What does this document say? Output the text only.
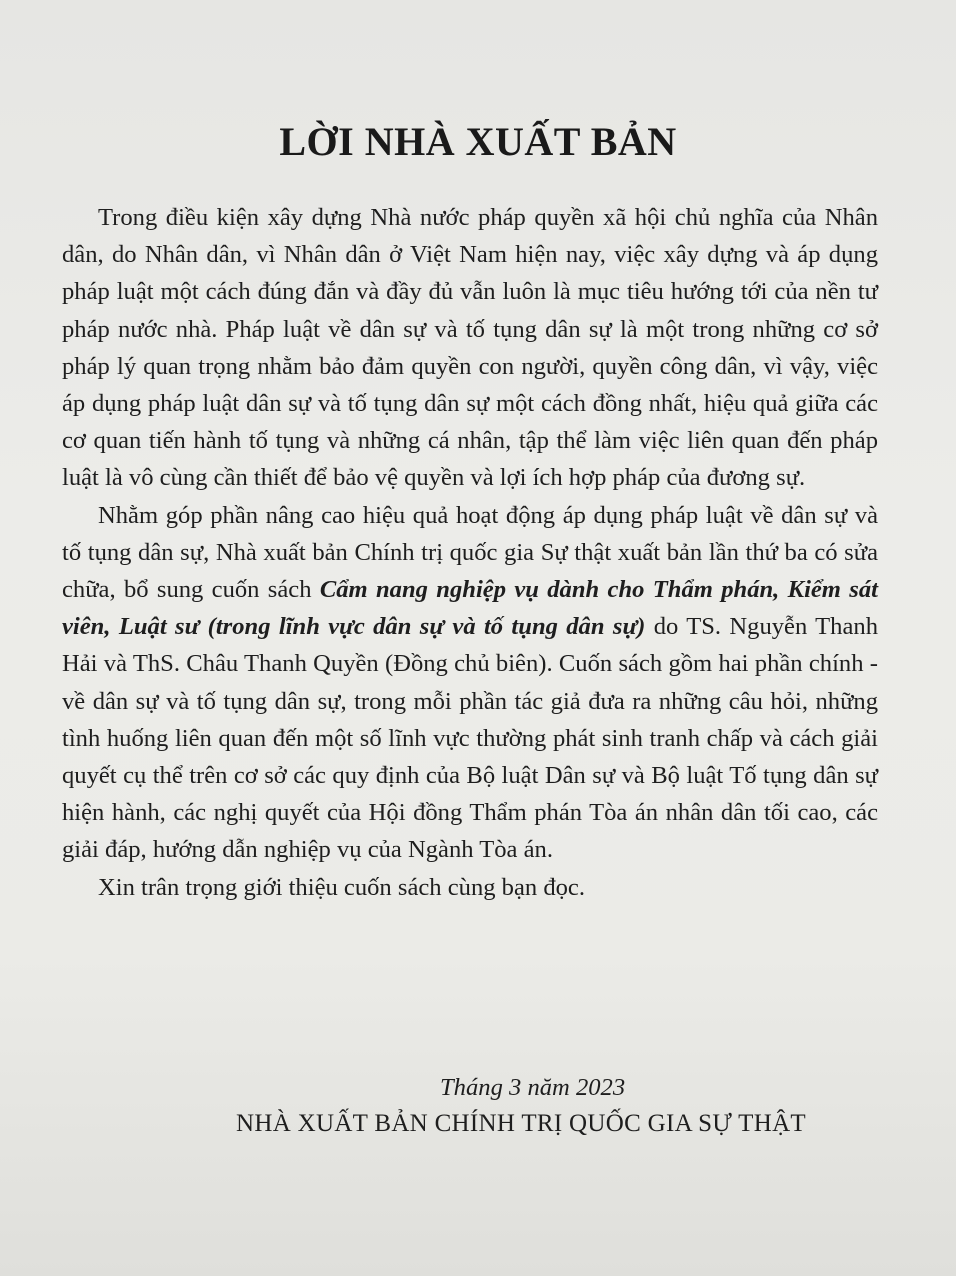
LỜI NHÀ XUẤT BẢN

Trong điều kiện xây dựng Nhà nước pháp quyền xã hội chủ nghĩa của Nhân dân, do Nhân dân, vì Nhân dân ở Việt Nam hiện nay, việc xây dựng và áp dụng pháp luật một cách đúng đắn và đầy đủ vẫn luôn là mục tiêu hướng tới của nền tư pháp nước nhà. Pháp luật về dân sự và tố tụng dân sự là một trong những cơ sở pháp lý quan trọng nhằm bảo đảm quyền con người, quyền công dân, vì vậy, việc áp dụng pháp luật dân sự và tố tụng dân sự một cách đồng nhất, hiệu quả giữa các cơ quan tiến hành tố tụng và những cá nhân, tập thể làm việc liên quan đến pháp luật là vô cùng cần thiết để bảo vệ quyền và lợi ích hợp pháp của đương sự.

Nhằm góp phần nâng cao hiệu quả hoạt động áp dụng pháp luật về dân sự và tố tụng dân sự, Nhà xuất bản Chính trị quốc gia Sự thật xuất bản lần thứ ba có sửa chữa, bổ sung cuốn sách Cẩm nang nghiệp vụ dành cho Thẩm phán, Kiểm sát viên, Luật sư (trong lĩnh vực dân sự và tố tụng dân sự) do TS. Nguyễn Thanh Hải và ThS. Châu Thanh Quyền (Đồng chủ biên). Cuốn sách gồm hai phần chính - về dân sự và tố tụng dân sự, trong mỗi phần tác giả đưa ra những câu hỏi, những tình huống liên quan đến một số lĩnh vực thường phát sinh tranh chấp và cách giải quyết cụ thể trên cơ sở các quy định của Bộ luật Dân sự và Bộ luật Tố tụng dân sự hiện hành, các nghị quyết của Hội đồng Thẩm phán Tòa án nhân dân tối cao, các giải đáp, hướng dẫn nghiệp vụ của Ngành Tòa án.

Xin trân trọng giới thiệu cuốn sách cùng bạn đọc.

Tháng 3 năm 2023
NHÀ XUẤT BẢN CHÍNH TRỊ QUỐC GIA SỰ THẬT
